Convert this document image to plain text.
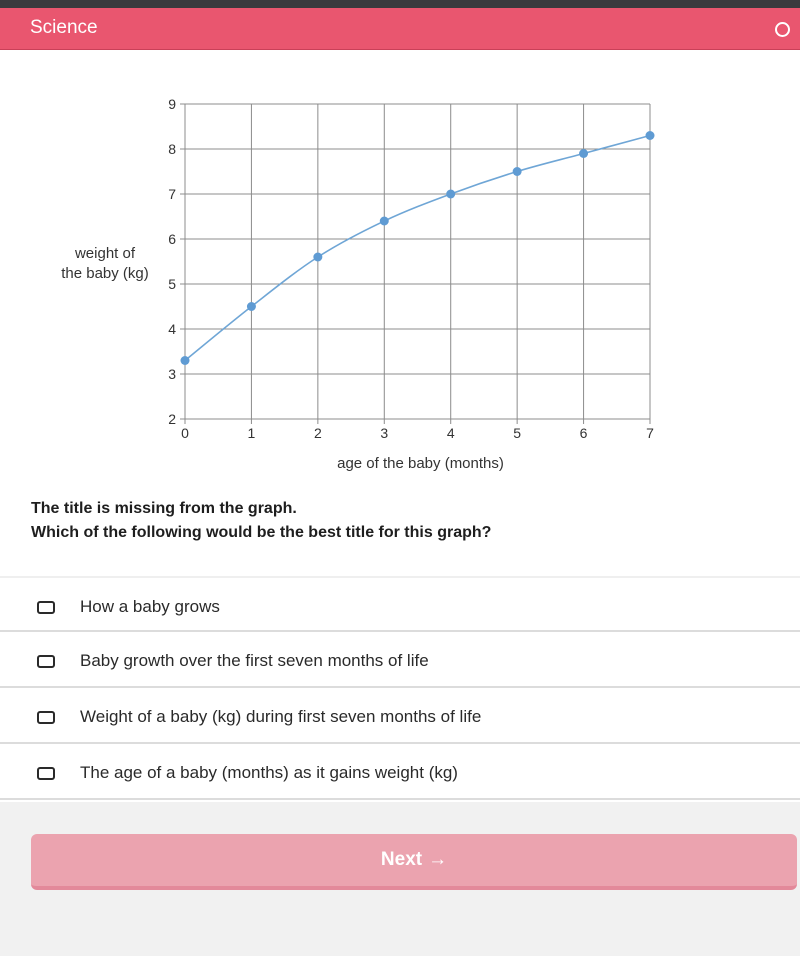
Science
0	1	2	3	4	5	6	7
2
3
4
5
6
7
8
9
age of the baby (months)
weight of
the baby (kg)
The title is missing from the graph.
Which of the following would be the best title for this graph?
How a baby grows
Baby growth over the first seven months of life
Weight of a baby (kg) during first seven months of life
The age of a baby (months) as it gains weight (kg)
Next →
